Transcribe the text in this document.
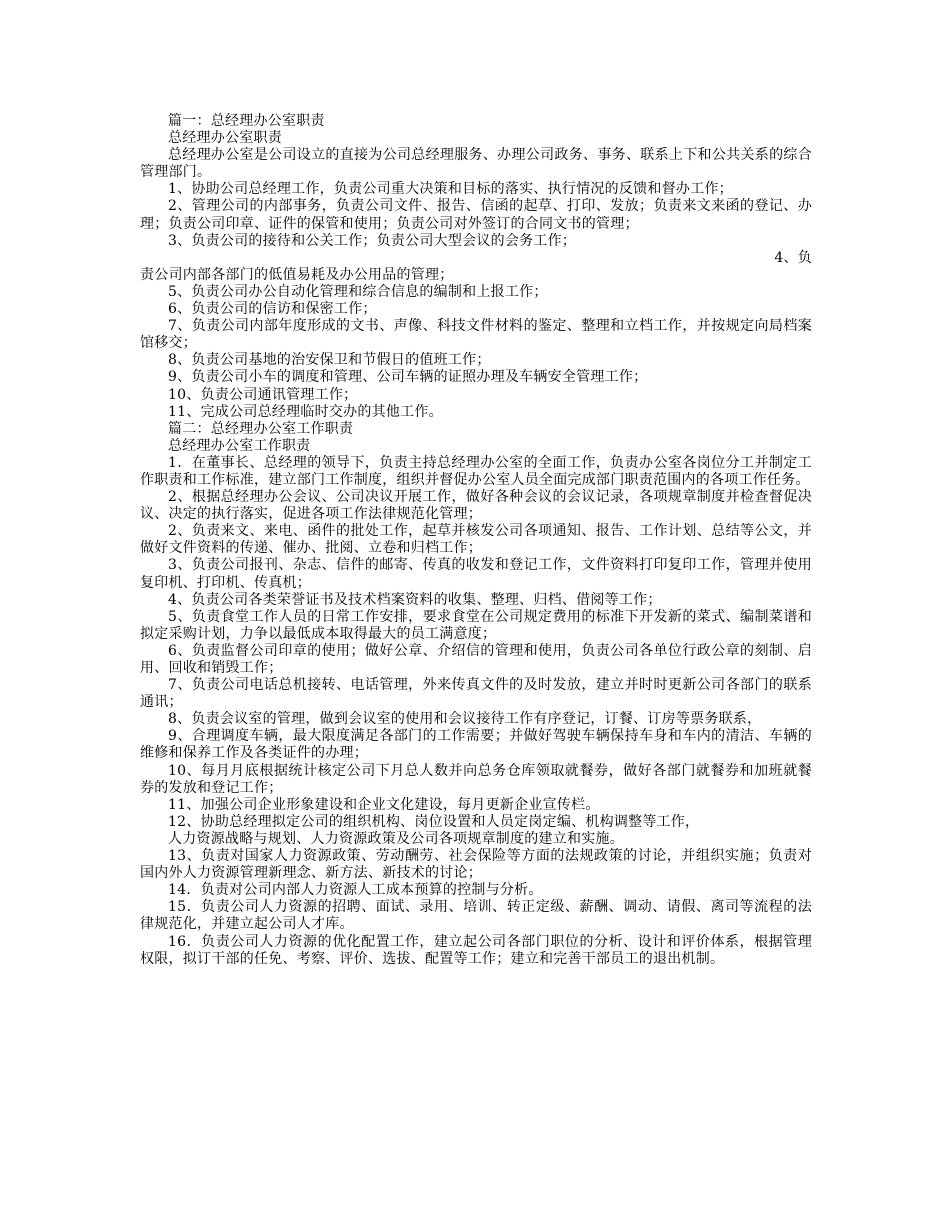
篇一：总经理办公室职责

总经理办公室职责

总经理办公室是公司设立的直接为公司总经理服务、办理公司政务、事务、联系上下和公共关系的综合管理部门。

1、协助公司总经理工作，负责公司重大决策和目标的落实、执行情况的反馈和督办工作；

2、管理公司的内部事务，负责公司文件、报告、信函的起草、打印、发放；负责来文来函的登记、办理；负责公司印章、证件的保管和使用；负责公司对外签订的合同文书的管理；

3、负责公司的接待和公关工作；负责公司大型会议的会务工作；

4、负

责公司内部各部门的低值易耗及办公用品的管理；

5、负责公司办公自动化管理和综合信息的编制和上报工作；

6、负责公司的信访和保密工作；

7、负责公司内部年度形成的文书、声像、科技文件材料的鉴定、整理和立档工作，并按规定向局档案馆移交；

8、负责公司基地的治安保卫和节假日的值班工作；

9、负责公司小车的调度和管理、公司车辆的证照办理及车辆安全管理工作；

10、负责公司通讯管理工作；

11、完成公司总经理临时交办的其他工作。

篇二：总经理办公室工作职责

总经理办公室工作职责

1．在董事长、总经理的领导下，负责主持总经理办公室的全面工作，负责办公室各岗位分工并制定工作职责和工作标准，建立部门工作制度，组织并督促办公室人员全面完成部门职责范围内的各项工作任务。

2、根据总经理办公会议、公司决议开展工作，做好各种会议的会议记录，各项规章制度并检查督促决议、决定的执行落实，促进各项工作法律规范化管理；

2、负责来文、来电、函件的批处工作，起草并核发公司各项通知、报告、工作计划、总结等公文，并做好文件资料的传递、催办、批阅、立卷和归档工作；

3、负责公司报刊、杂志、信件的邮寄、传真的收发和登记工作，文件资料打印复印工作，管理并使用复印机、打印机、传真机；

4、负责公司各类荣誉证书及技术档案资料的收集、整理、归档、借阅等工作；

5、负责食堂工作人员的日常工作安排，要求食堂在公司规定费用的标准下开发新的菜式、编制菜谱和拟定采购计划，力争以最低成本取得最大的员工满意度；

6、负责监督公司印章的使用；做好公章、介绍信的管理和使用，负责公司各单位行政公章的刻制、启用、回收和销毁工作；

7、负责公司电话总机接转、电话管理，外来传真文件的及时发放，建立并时时更新公司各部门的联系通讯；

8、负责会议室的管理，做到会议室的使用和会议接待工作有序登记，订餐、订房等票务联系，

9、合理调度车辆，最大限度满足各部门的工作需要；并做好驾驶车辆保持车身和车内的清洁、车辆的维修和保养工作及各类证件的办理；

10、每月月底根据统计核定公司下月总人数并向总务仓库领取就餐券，做好各部门就餐券和加班就餐券的发放和登记工作；

11、加强公司企业形象建设和企业文化建设，每月更新企业宣传栏。

12、协助总经理拟定公司的组织机构、岗位设置和人员定岗定编、机构调整等工作，

人力资源战略与规划、人力资源政策及公司各项规章制度的建立和实施。

13、负责对国家人力资源政策、劳动酬劳、社会保险等方面的法规政策的讨论，并组织实施；负责对国内外人力资源管理新理念、新方法、新技术的讨论；

14．负责对公司内部人力资源人工成本预算的控制与分析。

15．负责公司人力资源的招聘、面试、录用、培训、转正定级、薪酬、调动、请假、离司等流程的法律规范化，并建立起公司人才库。

16．负责公司人力资源的优化配置工作，建立起公司各部门职位的分析、设计和评价体系，根据管理权限，拟订干部的任免、考察、评价、选拔、配置等工作；建立和完善干部员工的退出机制。
